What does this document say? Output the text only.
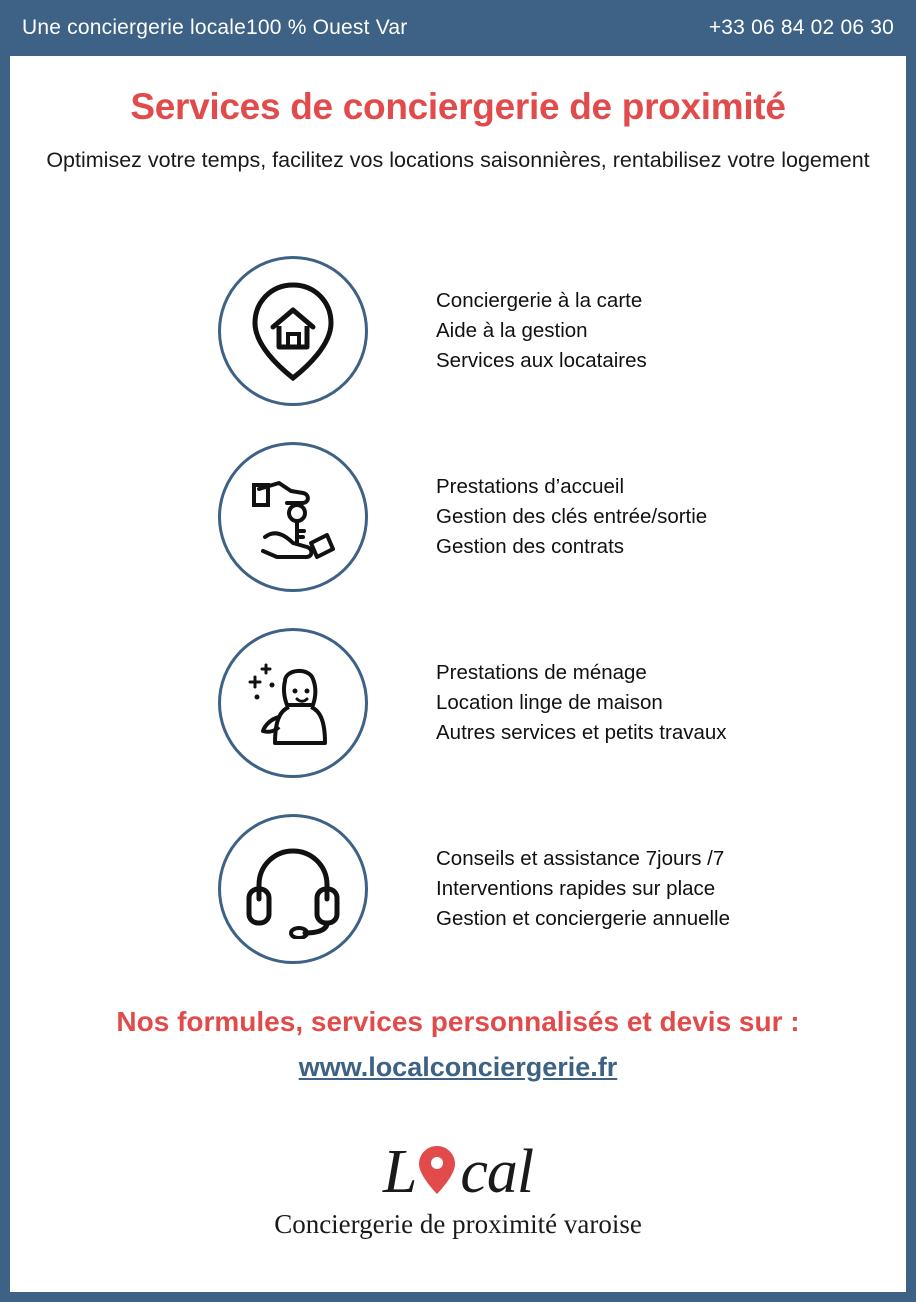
Une conciergerie locale100 % Ouest Var	+33 06 84 02 06 30
Services de conciergerie de proximité
Optimisez votre temps, facilitez vos locations saisonnières, rentabilisez votre logement
Conciergerie à la carte
Aide à la gestion
Services aux locataires
Prestations d’accueil
Gestion des clés entrée/sortie
Gestion des contrats
Prestations de ménage
Location linge de maison
Autres services et petits travaux
Conseils et assistance 7jours /7
Interventions rapides sur place
Gestion et conciergerie annuelle
Nos formules, services personnalisés et devis sur :
www.localconciergerie.fr
L cal
Conciergerie de proximité varoise
